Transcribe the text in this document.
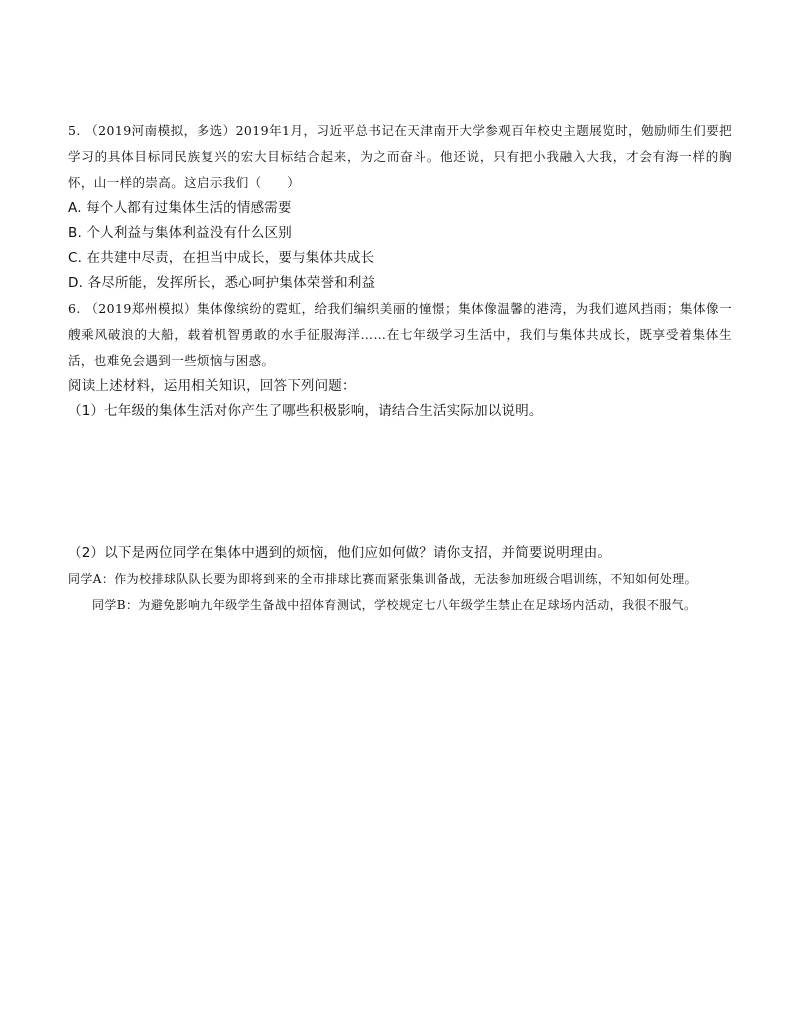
5. （2019河南模拟，多选）2019年1月，习近平总书记在天津南开大学参观百年校史主题展览时，勉励师生们要把学习的具体目标同民族复兴的宏大目标结合起来，为之而奋斗。他还说，只有把小我融入大我，才会有海一样的胸怀，山一样的崇高。这启示我们（　　）

A. 每个人都有过集体生活的情感需要

B. 个人利益与集体利益没有什么区别

C. 在共建中尽责，在担当中成长，要与集体共成长

D. 各尽所能，发挥所长，悉心呵护集体荣誉和利益

6. （2019郑州模拟）集体像缤纷的霓虹，给我们编织美丽的憧憬；集体像温馨的港湾，为我们遮风挡雨；集体像一艘乘风破浪的大船，载着机智勇敢的水手征服海洋……在七年级学习生活中，我们与集体共成长，既享受着集体生活，也难免会遇到一些烦恼与困惑。

阅读上述材料，运用相关知识，回答下列问题：

（1）七年级的集体生活对你产生了哪些积极影响，请结合生活实际加以说明。

（2）以下是两位同学在集体中遇到的烦恼，他们应如何做？请你支招，并简要说明理由。

同学A：作为校排球队队长要为即将到来的全市排球比赛而紧张集训备战，无法参加班级合唱训练，不知如何处理。

同学B：为避免影响九年级学生备战中招体育测试，学校规定七八年级学生禁止在足球场内活动，我很不服气。
